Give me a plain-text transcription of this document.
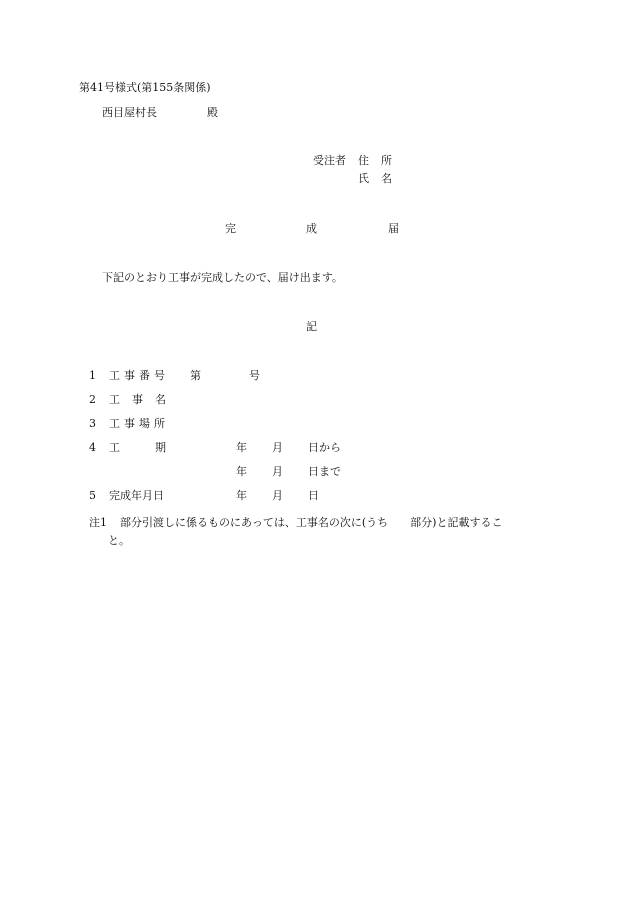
第41号様式(第155条関係)
西目屋村長	殿
受注者 住 所
氏 名
完	成	届
下記のとおり工事が完成したので、届け出ます。
記
1 工 事 番 号 第	号
2 工 事 名
3 工 事 場 所
4 工	期	年 月 日から
年 月 日まで
5 完成年月日	年 月 日
注1 部分引渡しに係るものにあっては、工事名の次に(うち　　部分)と記載するこ
と。
